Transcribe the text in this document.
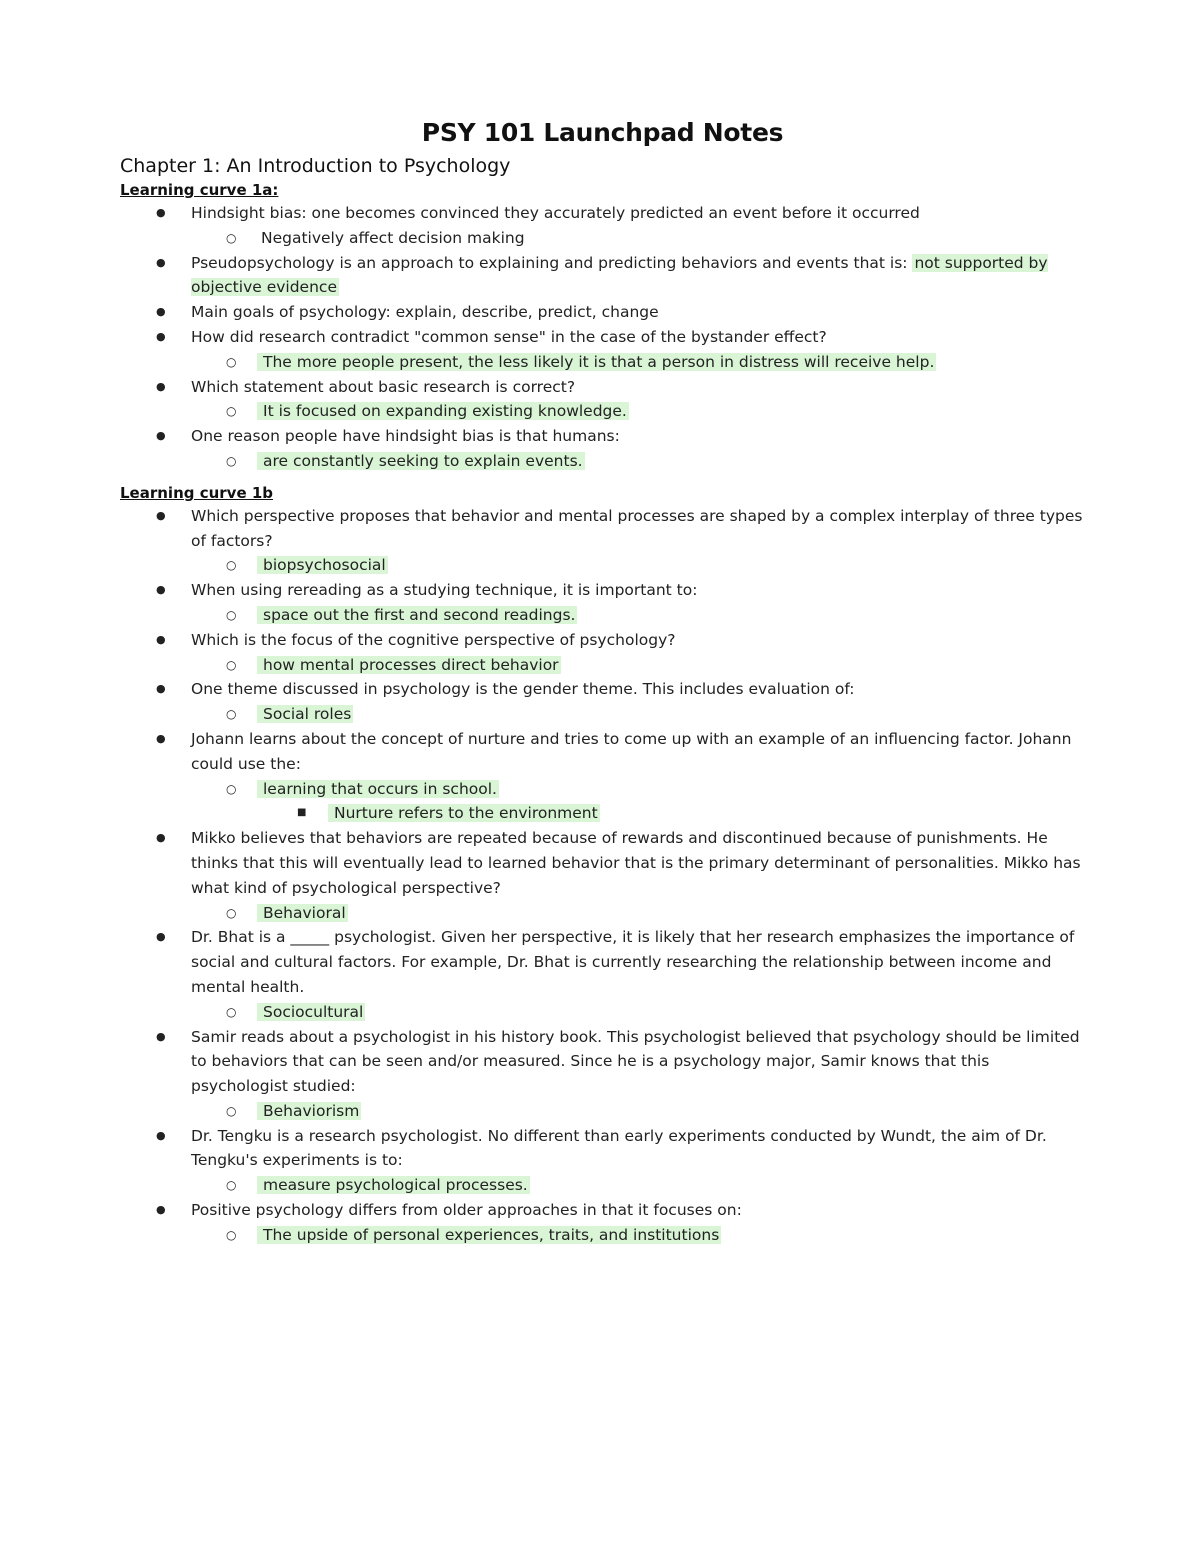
PSY 101 Launchpad Notes
Chapter 1: An Introduction to Psychology
Learning curve 1a:
● Hindsight bias: one becomes convinced they accurately predicted an event before it occurred
○ Negatively affect decision making
● Pseudopsychology is an approach to explaining and predicting behaviors and events that is: not supported by objective evidence
● Main goals of psychology: explain, describe, predict, change
● How did research contradict "common sense" in the case of the bystander effect?
○ The more people present, the less likely it is that a person in distress will receive help.
● Which statement about basic research is correct?
○ It is focused on expanding existing knowledge.
● One reason people have hindsight bias is that humans:
○ are constantly seeking to explain events.
Learning curve 1b
● Which perspective proposes that behavior and mental processes are shaped by a complex interplay of three types of factors?
○ biopsychosocial
● When using rereading as a studying technique, it is important to:
○ space out the first and second readings.
● Which is the focus of the cognitive perspective of psychology?
○ how mental processes direct behavior
● One theme discussed in psychology is the gender theme. This includes evaluation of:
○ Social roles
● Johann learns about the concept of nurture and tries to come up with an example of an influencing factor. Johann could use the:
○ learning that occurs in school.
■ Nurture refers to the environment
● Mikko believes that behaviors are repeated because of rewards and discontinued because of punishments. He thinks that this will eventually lead to learned behavior that is the primary determinant of personalities. Mikko has what kind of psychological perspective?
○ Behavioral
● Dr. Bhat is a _____ psychologist. Given her perspective, it is likely that her research emphasizes the importance of social and cultural factors. For example, Dr. Bhat is currently researching the relationship between income and mental health.
○ Sociocultural
● Samir reads about a psychologist in his history book. This psychologist believed that psychology should be limited to behaviors that can be seen and/or measured. Since he is a psychology major, Samir knows that this psychologist studied:
○ Behaviorism
● Dr. Tengku is a research psychologist. No different than early experiments conducted by Wundt, the aim of Dr. Tengku's experiments is to:
○ measure psychological processes.
● Positive psychology differs from older approaches in that it focuses on:
○ The upside of personal experiences, traits, and institutions
